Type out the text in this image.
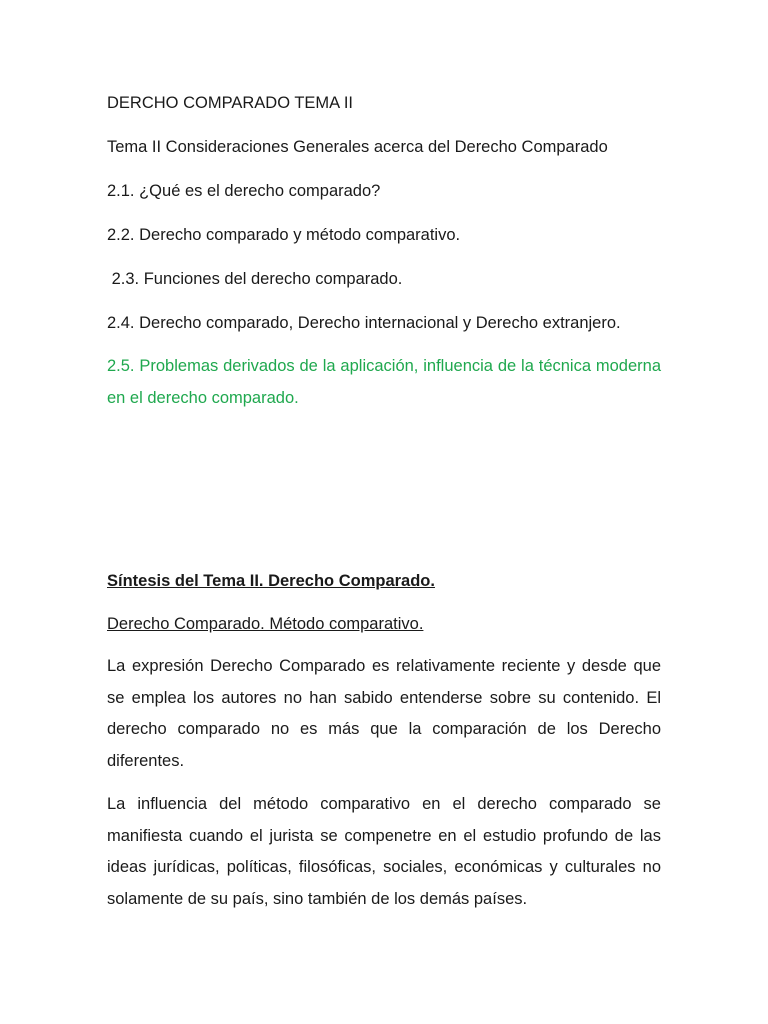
DERCHO COMPARADO TEMA II
Tema II Consideraciones Generales acerca del Derecho Comparado
2.1. ¿Qué es el derecho comparado?
2.2. Derecho comparado y método comparativo.
2.3. Funciones del derecho comparado.
2.4. Derecho comparado, Derecho internacional y Derecho extranjero.
2.5. Problemas derivados de la aplicación, influencia de la técnica moderna en el derecho comparado.
Síntesis del Tema II. Derecho Comparado.
Derecho Comparado. Método comparativo.
La expresión Derecho Comparado es relativamente reciente y desde que se emplea los autores no han sabido entenderse sobre su contenido. El derecho comparado no es más que la comparación de los Derecho diferentes.
La influencia del método comparativo en el derecho comparado se manifiesta cuando el jurista se compenetre en el estudio profundo de las ideas jurídicas, políticas, filosóficas, sociales, económicas y culturales no solamente de su país, sino también de los demás países.
